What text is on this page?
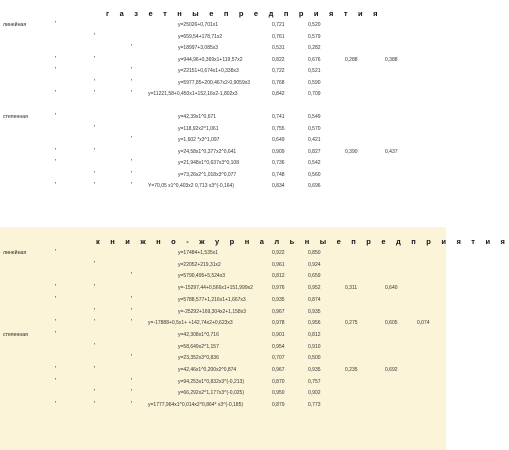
г а з е т н ы е п р е д п р и я т и я
'
линейная	y=25026+0,701x1	0,721	0,520
'	y=659,54+178,71x2	0,761	0,579
'	y=18997+3,085x3	0,531	0,282
'	'	y=944,96+0,369x1+119,57x2	0,822	0,676	0,288	0,388
'	'	y=22151+0,674x1+0,338x3	0,722	0,521
'	'	y=5977,85+200,467x2-0,9059x3	0,768	0,590
'	'	'	y=11221,58+0,450x1+152,16x2-1,802x3	0,842	0,709
'
степенная	y=42,39x1^0,671	0,741	0,549
'	y=118,92x2^1,061	0,755	0,570
'	y=1,602 *x3^1,097	0,649	0,421
'	'	y=24,58x1^0,377x2^0,641	0,909	0,827	0,390	0,437
'	'	y=21,948x1^0,637x3^0,108	0,736	0,542
'	'	y=73,26x2^1,018x3^0,077	0,748	0,560
'	'	'	Y=70,05 x1^0,403x2 0,713 x3^(-0,164)	0,834	0,696
к н и ж н о - ж у р н а л ь н ы е п р е д п р и я т и я
'
линейная	y=17484+1,535x1	0,922	0,850
'	y=22052+219,31x2	0,961	0,924
'	y=5790,495+5,524x3	0,812	0,659
'	'	y=-15297,44+0,566x1+151,999x2	0,976	0,952	0,311	0,640
'	'	y=5788,577+1,216x1+1,667x3	0,935	0,874
'	'	y=-25292+169,304x2+1,158x3	0,967	0,935
'	'	'	y=-17888+0,5x1+ +142,74x2+0,623x3	0,978	0,956	0,275	0,605	0,074
'
степенная	y=42,308x1^0,716	0,901	0,812
'	y=58,649x2^1,157	0,954	0,910
'	y=23,352x3^0,836	0,707	0,500
'	'	y=42,46x1^0,200x2^0,874	0,967	0,935	0,235	0,692
'	'	y=94,253x1^0,832x3^(-0,213)	0,870	0,757
'	'	y=66,292x2^1,177x3^(-0,025)	0,950	0,902
'	'	'	y=1777,964x1^0,014x2^0,864* x3^(-0,185)	0,879	0,773
